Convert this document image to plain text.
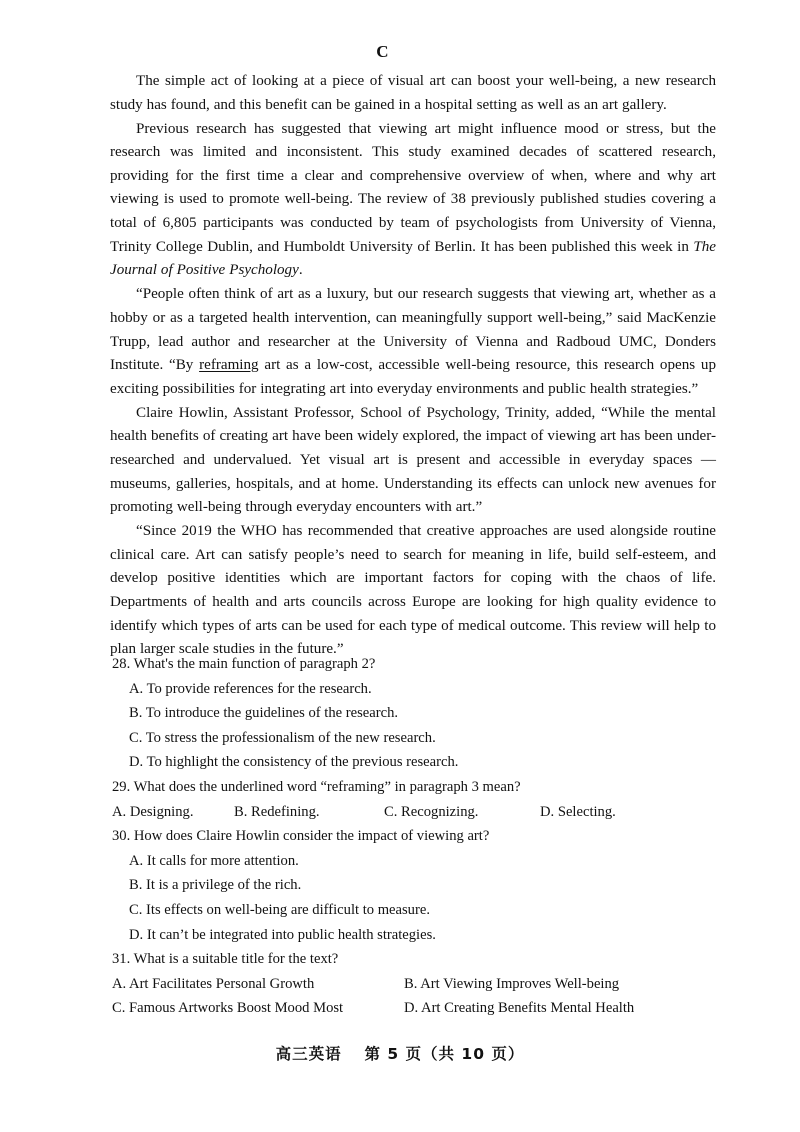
C

The simple act of looking at a piece of visual art can boost your well-being, a new research study has found, and this benefit can be gained in a hospital setting as well as an art gallery.

Previous research has suggested that viewing art might influence mood or stress, but the research was limited and inconsistent. This study examined decades of scattered research, providing for the first time a clear and comprehensive overview of when, where and why art viewing is used to promote well-being. The review of 38 previously published studies covering a total of 6,805 participants was conducted by team of psychologists from University of Vienna, Trinity College Dublin, and Humboldt University of Berlin. It has been published this week in The Journal of Positive Psychology.

“People often think of art as a luxury, but our research suggests that viewing art, whether as a hobby or as a targeted health intervention, can meaningfully support well-being,” said MacKenzie Trupp, lead author and researcher at the University of Vienna and Radboud UMC, Donders Institute. “By reframing art as a low-cost, accessible well-being resource, this research opens up exciting possibilities for integrating art into everyday environments and public health strategies.”

Claire Howlin, Assistant Professor, School of Psychology, Trinity, added, “While the mental health benefits of creating art have been widely explored, the impact of viewing art has been under-researched and undervalued. Yet visual art is present and accessible in everyday spaces — museums, galleries, hospitals, and at home. Understanding its effects can unlock new avenues for promoting well-being through everyday encounters with art.”

“Since 2019 the WHO has recommended that creative approaches are used alongside routine clinical care. Art can satisfy people’s need to search for meaning in life, build self-esteem, and develop positive identities which are important factors for coping with the chaos of life. Departments of health and arts councils across Europe are looking for high quality evidence to identify which types of arts can be used for each type of medical outcome. This review will help to plan larger scale studies in the future.”

28. What's the main function of paragraph 2?
A. To provide references for the research.
B. To introduce the guidelines of the research.
C. To stress the professionalism of the new research.
D. To highlight the consistency of the previous research.
29. What does the underlined word “reframing” in paragraph 3 mean?
A. Designing.	B. Redefining.	C. Recognizing.	D. Selecting.
30. How does Claire Howlin consider the impact of viewing art?
A. It calls for more attention.
B. It is a privilege of the rich.
C. Its effects on well-being are difficult to measure.
D. It can’t be integrated into public health strategies.
31. What is a suitable title for the text?
A. Art Facilitates Personal Growth	B. Art Viewing Improves Well-being
C. Famous Artworks Boost Mood Most	D. Art Creating Benefits Mental Health
高三英语 第 5 页（共 10 页）
